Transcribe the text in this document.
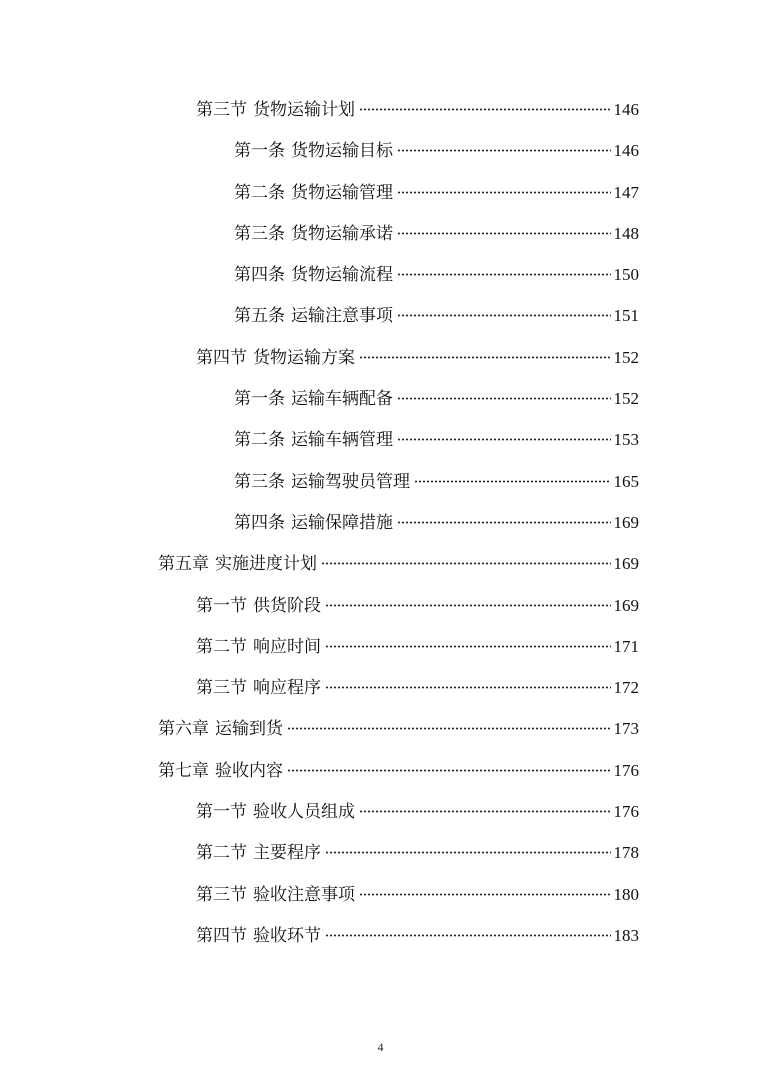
第三节 货物运输计划	146
第一条 货物运输目标	146
第二条 货物运输管理	147
第三条 货物运输承诺	148
第四条 货物运输流程	150
第五条 运输注意事项	151
第四节 货物运输方案	152
第一条 运输车辆配备	152
第二条 运输车辆管理	153
第三条 运输驾驶员管理	165
第四条 运输保障措施	169
第五章 实施进度计划	169
第一节 供货阶段	169
第二节 响应时间	171
第三节 响应程序	172
第六章 运输到货	173
第七章 验收内容	176
第一节 验收人员组成	176
第二节 主要程序	178
第三节 验收注意事项	180
第四节 验收环节	183
4
